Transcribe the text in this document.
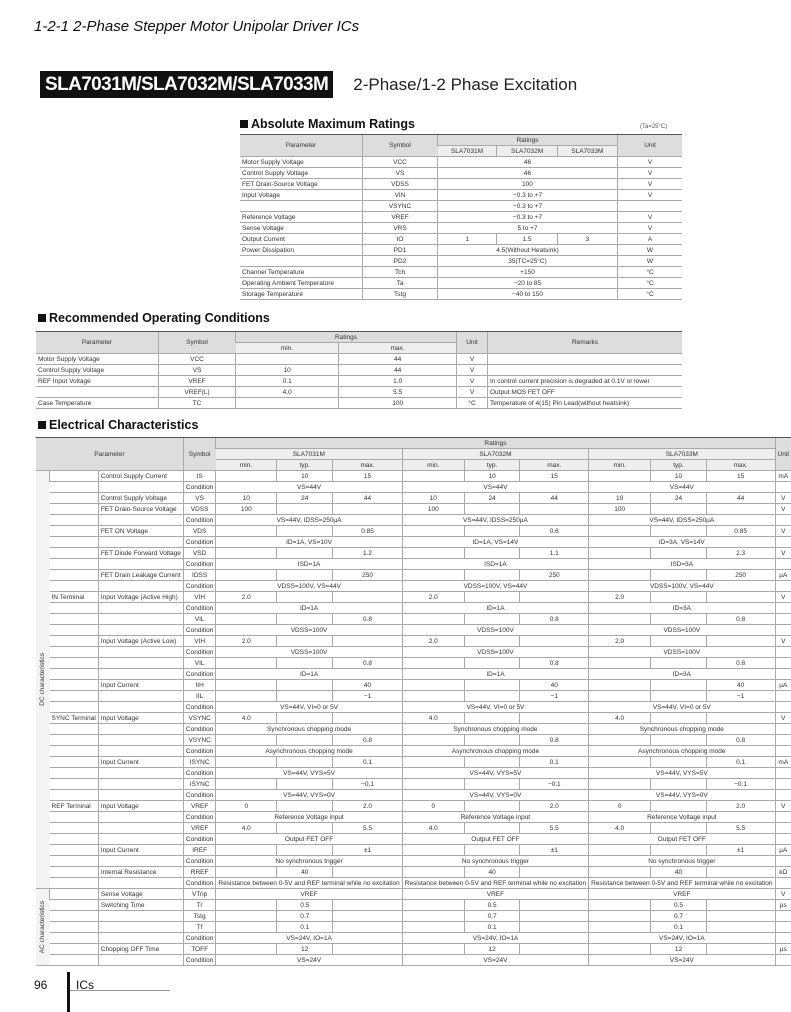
1-2-1 2-Phase Stepper Motor Unipolar Driver ICs
SLA7031M/SLA7032M/SLA7033M 2-Phase/1-2 Phase Excitation
Absolute Maximum Ratings	(Ta=25°C)
Parameter	Symbol	Ratings			Unit
		SLA7031M	SLA7032M	SLA7033M	
Motor Supply Voltage	VCC	46			V
Control Supply Voltage	VS	46			V
FET Drain-Source Voltage	VDSS	100			V
Input Voltage	VIN	−0.3 to +7			V
	VSYNC	−0.3 to +7			
Reference Voltage	VREF	−0.3 to +7			V
Sense Voltage	VRS	5 to +7			V
Output Current	IO	1	1.5	3	A
Power Dissipation	PD1	4.5(Without Heatsink)			W
	PD2	35(TC=25°C)			W
Channel Temperature	Tch	+150			°C
Operating Ambient Temperature	Ta	−20 to 85			°C
Storage Temperature	Tstg	−40 to 150			°C
Recommended Operating Conditions
Parameter	Symbol	Ratings		Unit	Remarks
		min.	max.		
Motor Supply Voltage	VCC		44	V	
Control Supply Voltage	VS	10	44	V	
REF Input Voltage	VREF	0.1	1.0	V	In control current precision is degraded at 0.1V or lower
	VREF(L)	4.0	5.5	V	Output MOS FET OFF
Case Temperature	TC		100	°C	Temperature of 4(15) Pin Lead(without heatsink)
Electrical Characteristics
Parameter			Symbol	Ratings									Unit
				SLA7031M			SLA7032M			SLA7033M			
				min.	typ.	max.	min.	typ.	max.	min.	typ.	max.	

DC characteristics		Control Supply Current	IS		10	15		10	15		10	15	mA
			Condition	VS=44V			VS=44V			VS=44V			
		Control Supply Voltage	VS	10	24	44	10	24	44	10	24	44	V
		FET Drain-Source Voltage	VDSS	100			100			100			V
			Condition	VS=44V, IDSS=250µA			VS=44V, IDSS=250µA			VS=44V, IDSS=250µA			
		FET ON Voltage	VDS			0.85			0.6			0.85	V
			Condition	ID=1A, VS=10V			ID=1A, VS=14V			ID=3A, VS=14V			
		FET Diode Forward Voltage	VSD			1.2			1.1			2.3	V
			Condition	ISD=1A			ISD=1A			ISD=3A			
		FET Drain Leakage Current	IDSS			250			250			250	µA
			Condition	VDSS=100V, VS=44V			VDSS=100V, VS=44V			VDSS=100V, VS=44V			
	IN Terminal	Input Voltage (Active High)	VIH	2.0			2.0			2.0			V
			Condition	ID=1A			ID=1A			ID=3A			
			VIL			0.8			0.8			0.8	
			Condition	VDSS=100V			VDSS=100V			VDSS=100V			
		Input Voltage (Active Low)	VIH	2.0			2.0			2.0			V
			Condition	VDSS=100V			VDSS=100V			VDSS=100V			
			VIL			0.8			0.8			0.8	
			Condition	ID=1A			ID=1A			ID=3A			
		Input Current	IIH			40			40			40	µA
			IIL			−1			−1			−1	
			Condition	VS=44V, VI=0 or 5V			VS=44V, VI=0 or 5V			VS=44V, VI=0 or 5V			
	SYNC Terminal	Input Voltage	VSYNC	4.0			4.0			4.0			V
			Condition	Synchronous chopping mode			Synchronous chopping mode			Synchronous chopping mode			
			VSYNC			0.8			0.8			0.8	
			Condition	Asynchronous chopping mode			Asynchronous chopping mode			Asynchronous chopping mode			
		Input Current	ISYNC			0.1			0.1			0.1	mA
			Condition	VS=44V, VYS=5V			VS=44V, VYS=5V			VS=44V, VYS=5V			
			ISYNC			−0.1			−0.1			−0.1	
			Condition	VS=44V, VYS=0V			VS=44V, VYS=0V			VS=44V, VYS=0V			
	REF Terminal	Input Voltage	VREF	0		2.0	0		2.0	0		2.0	V
			Condition	Reference Voltage input			Reference Voltage input			Reference Voltage input			
			VREF	4.0		5.5	4.0		5.5	4.0		5.5	
			Condition	Output FET OFF			Output FET OFF			Output FET OFF			
		Input Current	IREF			±1			±1			±1	µA
			Condition	No synchronous trigger			No synchronous trigger			No synchronous trigger			
		Internal Resistance	RREF		40			40			40		kΩ
			Condition	Resistance between 0-5V and REF terminal while no excitation			Resistance between 0-5V and REF terminal while no excitation			Resistance between 0-5V and REF terminal while no excitation			

AC characteristics		Sense Voltage	VTrip	VREF			VREF			VREF			V
		Switching Time	Tr		0.5			0.5			0.5		µs
			Tstg		0.7			0.7			0.7		
			Tf		0.1			0.1			0.1		
			Condition	VS=24V, IO=1A			VS=24V, IO=1A			VS=24V, IO=1A			
		Chopping OFF Time	TOFF		12			12			12		µs
			Condition	VS=24V			VS=24V			VS=24V			
96 ICs
